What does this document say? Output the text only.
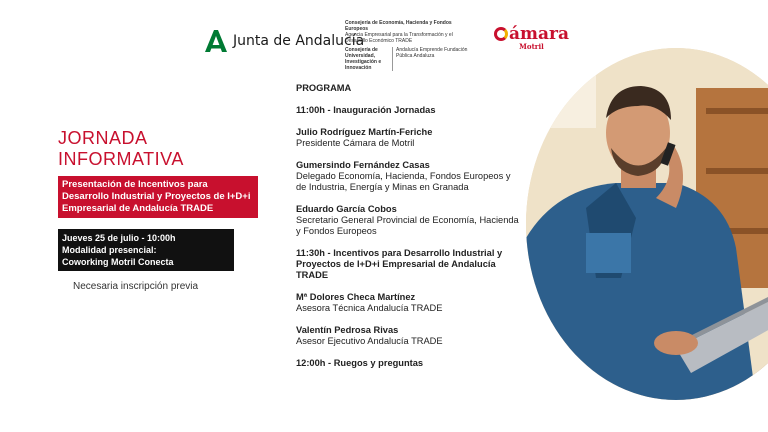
Junta de Andalucía
Consejería de Economía, Hacienda y Fondos Europeos
Agencia Empresarial para la Transformación y el Desarrollo Económico TRADE
Consejería de Universidad, Investigación e Innovación
Andalucía Emprende Fundación Pública Andaluza
ámara
Motril
JORNADA INFORMATIVA
Presentación de Incentivos para Desarrollo Industrial y Proyectos de I+D+i Empresarial de Andalucía TRADE
Jueves 25 de julio - 10:00h
Modalidad presencial:
Coworking Motril Conecta
Necesaria inscripción previa
PROGRAMA
11:00h - Inauguración Jornadas
Julio Rodríguez Martín-Feriche
Presidente Cámara de Motril
Gumersindo Fernández Casas
Delegado Economía, Hacienda, Fondos Europeos y de Industria, Energía y Minas en Granada
Eduardo García Cobos
Secretario General Provincial de Economía, Hacienda y Fondos Europeos
11:30h - Incentivos para Desarrollo Industrial y Proyectos de I+D+i Empresarial de Andalucía TRADE
Mª Dolores Checa Martínez
Asesora Técnica Andalucía TRADE
Valentín Pedrosa Rivas
Asesor Ejecutivo Andalucía TRADE
12:00h - Ruegos y preguntas
